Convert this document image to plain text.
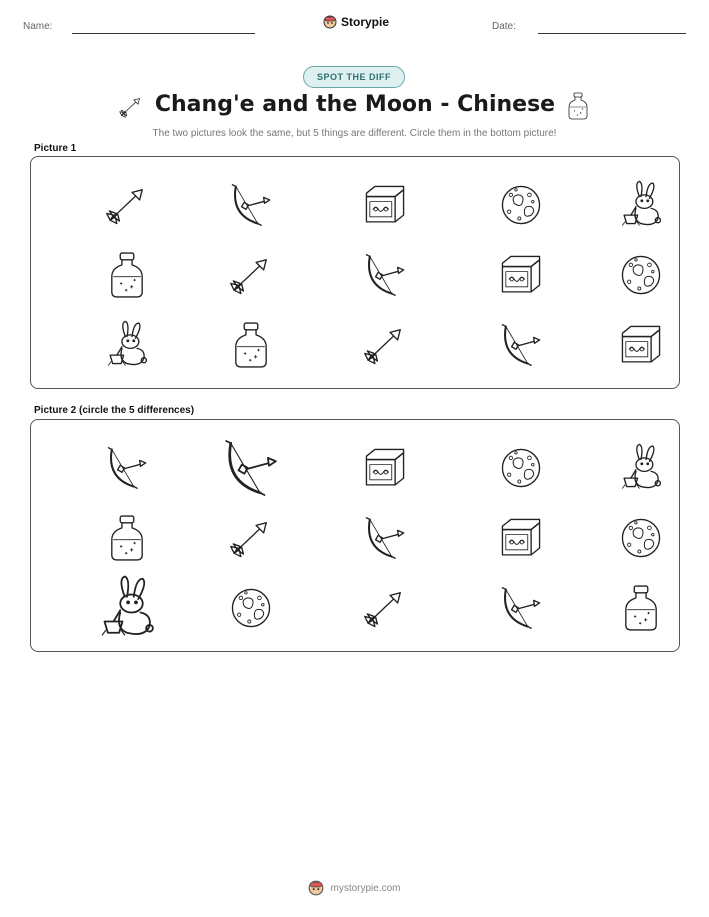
Name:	Storypie	Date:
SPOT THE DIFF
Chang'e and the Moon - Chinese
The two pictures look the same, but 5 things are different. Circle them in the bottom picture!
Picture 1
Picture 2 (circle the 5 differences)
mystorypie.com
